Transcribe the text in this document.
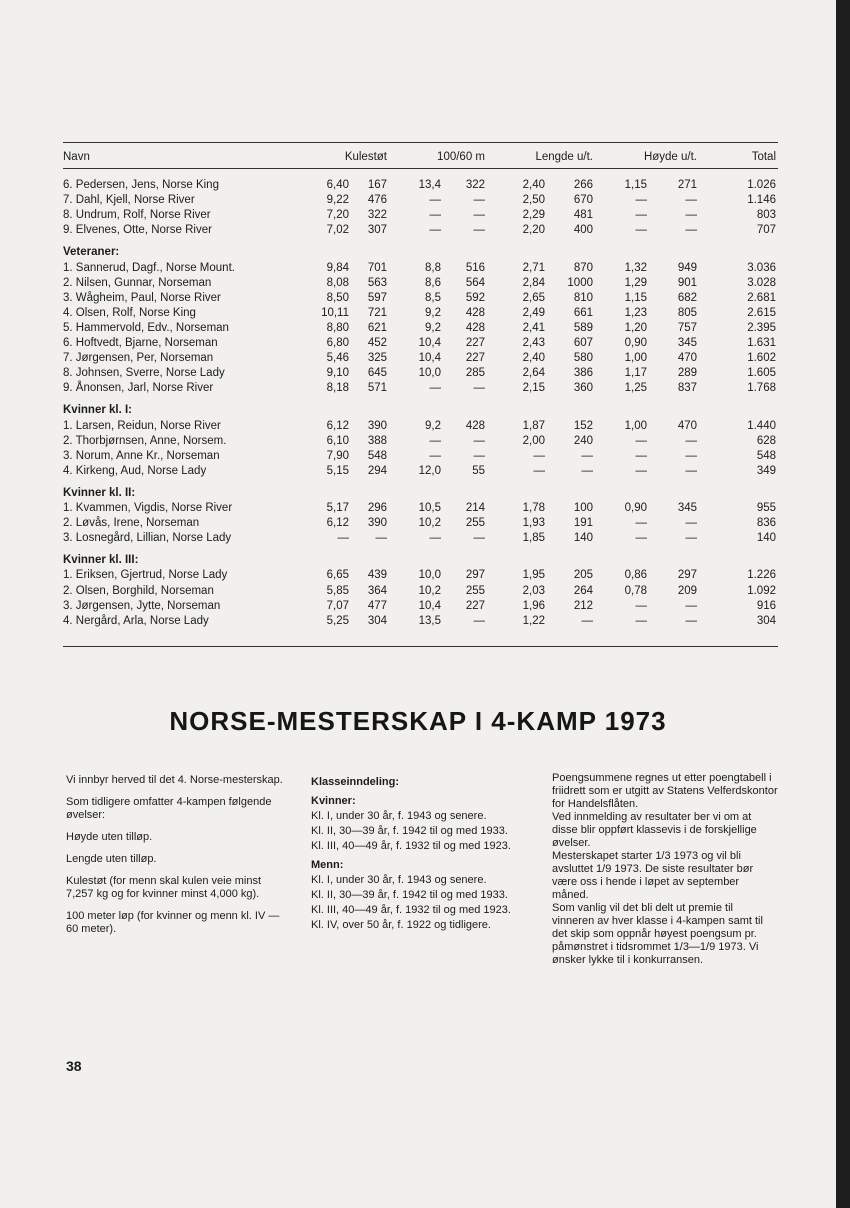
Navn	Kulestøt	100/60 m	Lengde u/t.	Høyde u/t.	Total
6. Pedersen, Jens, Norse King	6,40	167	13,4	322	2,40	266	1,15	271	1.026
7. Dahl, Kjell, Norse River	9,22	476	—	—	2,50	670	—	—	1.146
8. Undrum, Rolf, Norse River	7,20	322	—	—	2,29	481	—	—	803
9. Elvenes, Otte, Norse River	7,02	307	—	—	2,20	400	—	—	707
Veteraner:
1. Sannerud, Dagf., Norse Mount.	9,84	701	8,8	516	2,71	870	1,32	949	3.036
2. Nilsen, Gunnar, Norseman	8,08	563	8,6	564	2,84	1000	1,29	901	3.028
3. Wågheim, Paul, Norse River	8,50	597	8,5	592	2,65	810	1,15	682	2.681
4. Olsen, Rolf, Norse King	10,11	721	9,2	428	2,49	661	1,23	805	2.615
5. Hammervold, Edv., Norseman	8,80	621	9,2	428	2,41	589	1,20	757	2.395
6. Hoftvedt, Bjarne, Norseman	6,80	452	10,4	227	2,43	607	0,90	345	1.631
7. Jørgensen, Per, Norseman	5,46	325	10,4	227	2,40	580	1,00	470	1.602
8. Johnsen, Sverre, Norse Lady	9,10	645	10,0	285	2,64	386	1,17	289	1.605
9. Ånonsen, Jarl, Norse River	8,18	571	—	—	2,15	360	1,25	837	1.768
Kvinner kl. I:
1. Larsen, Reidun, Norse River	6,12	390	9,2	428	1,87	152	1,00	470	1.440
2. Thorbjørnsen, Anne, Norsem.	6,10	388	—	—	2,00	240	—	—	628
3. Norum, Anne Kr., Norseman	7,90	548	—	—	—	—	—	—	548
4. Kirkeng, Aud, Norse Lady	5,15	294	12,0	55	—	—	—	—	349
Kvinner kl. II:
1. Kvammen, Vigdis, Norse River	5,17	296	10,5	214	1,78	100	0,90	345	955
2. Løvås, Irene, Norseman	6,12	390	10,2	255	1,93	191	—	—	836
3. Losnegård, Lillian, Norse Lady	—	—	—	—	1,85	140	—	—	140
Kvinner kl. III:
1. Eriksen, Gjertrud, Norse Lady	6,65	439	10,0	297	1,95	205	0,86	297	1.226
2. Olsen, Borghild, Norseman	5,85	364	10,2	255	2,03	264	0,78	209	1.092
3. Jørgensen, Jytte, Norseman	7,07	477	10,4	227	1,96	212	—	—	916
4. Nergård, Arla, Norse Lady	5,25	304	13,5	—	1,22	—	—	—	304
NORSE-MESTERSKAP I 4-KAMP 1973

Vi innbyr herved til det 4. Norse-mesterskap.

Som tidligere omfatter 4-kampen følgende øvelser:

Høyde uten tilløp.

Lengde uten tilløp.

Kulestøt (for menn skal kulen veie minst 7,257 kg og for kvinner minst 4,000 kg).

100 meter løp (for kvinner og menn kl. IV — 60 meter).

Klasseinndeling:

Kvinner:

Kl. I, under 30 år, f. 1943 og senere.

Kl. II, 30—39 år, f. 1942 til og med 1933.

Kl. III, 40—49 år, f. 1932 til og med 1923.

Menn:

Kl. I, under 30 år, f. 1943 og senere.

Kl. II, 30—39 år, f. 1942 til og med 1933.

Kl. III, 40—49 år, f. 1932 til og med 1923.

Kl. IV, over 50 år, f. 1922 og tidligere.

Poengsummene regnes ut etter poengtabell i friidrett som er utgitt av Statens Velferdskontor for Handelsflåten.

Ved innmelding av resultater ber vi om at disse blir oppført klassevis i de forskjellige øvelser.

Mesterskapet starter 1/3 1973 og vil bli avsluttet 1/9 1973. De siste resultater bør være oss i hende i løpet av september måned.

Som vanlig vil det bli delt ut premie til vinneren av hver klasse i 4-kampen samt til det skip som oppnår høyest poengsum pr. påmønstret i tidsrommet 1/3—1/9 1973. Vi ønsker lykke til i konkurransen.

38
